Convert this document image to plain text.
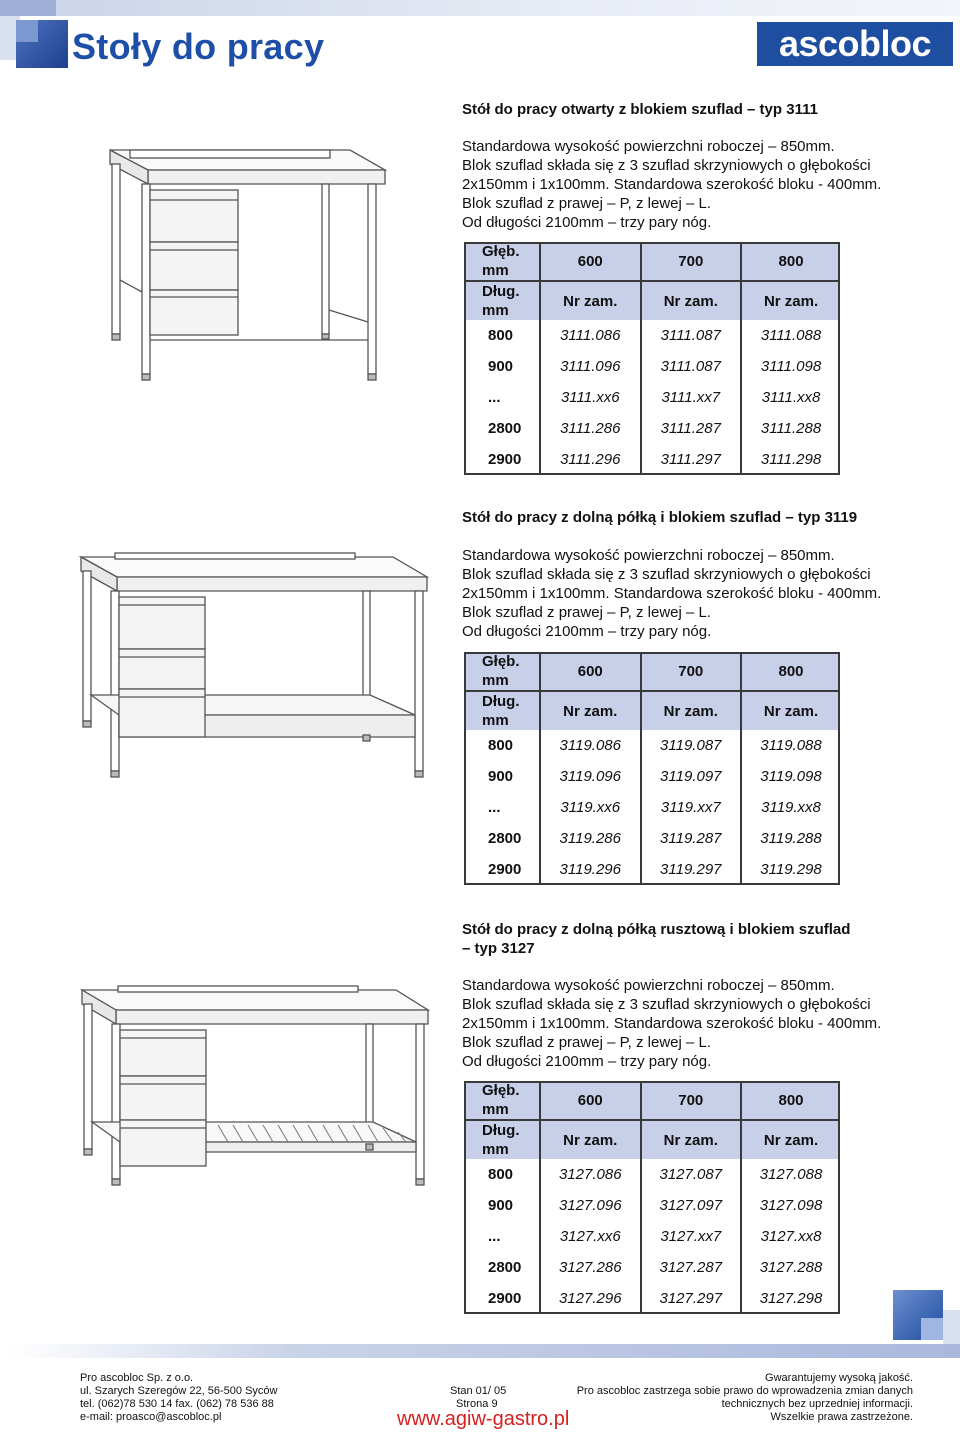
Stoły do pracy	ascobloc ®
Stół do pracy otwarty z blokiem szuflad – typ 3111

Standardowa wysokość powierzchni roboczej – 850mm.

Blok szuflad składa się z 3 szuflad skrzyniowych o głębokości

2x150mm i 1x100mm. Standardowa szerokość bloku - 400mm.

Blok szuflad z prawej – P, z lewej – L.

Od długości 2100mm – trzy pary nóg.

Głęb.
mm	600	700	800

Dług.
mm	Nr zam.	Nr zam.	Nr zam.
800	3111.086	3111.087	3111.088
900	3111.096	3111.087	3111.098
...	3111.xx6	3111.xx7	3111.xx8
2800	3111.286	3111.287	3111.288
2900	3111.296	3111.297	3111.298
Stół do pracy z dolną półką i blokiem szuflad – typ 3119

Standardowa wysokość powierzchni roboczej – 850mm.

Blok szuflad składa się z 3 szuflad skrzyniowych o głębokości

2x150mm i 1x100mm. Standardowa szerokość bloku - 400mm.

Blok szuflad z prawej – P, z lewej – L.

Od długości 2100mm – trzy pary nóg.

Głęb.
mm	600	700	800

Dług.
mm	Nr zam.	Nr zam.	Nr zam.
800	3119.086	3119.087	3119.088
900	3119.096	3119.097	3119.098
...	3119.xx6	3119.xx7	3119.xx8
2800	3119.286	3119.287	3119.288
2900	3119.296	3119.297	3119.298
Stół do pracy z dolną półką rusztową i blokiem szuflad
– typ 3127

Standardowa wysokość powierzchni roboczej – 850mm.

Blok szuflad składa się z 3 szuflad skrzyniowych o głębokości

2x150mm i 1x100mm. Standardowa szerokość bloku - 400mm.

Blok szuflad z prawej – P, z lewej – L.

Od długości 2100mm – trzy pary nóg.

Głęb.
mm	600	700	800

Dług.
mm	Nr zam.	Nr zam.	Nr zam.
800	3127.086	3127.087	3127.088
900	3127.096	3127.097	3127.098
...	3127.xx6	3127.xx7	3127.xx8
2800	3127.286	3127.287	3127.288
2900	3127.296	3127.297	3127.298

Pro ascobloc Sp. z o.o.

ul. Szarych Szeregów 22, 56-500 Syców

tel. (062)78 530 14 fax. (062) 78 536 88

e-mail: proasco@ascobloc.pl

Stan 01/ 05

Strona 9

Gwarantujemy wysoką jakość.

Pro ascobloc zastrzega sobie prawo do wprowadzenia zmian danych

technicznych bez uprzedniej informacji.

Wszelkie prawa zastrzeżone.

www.agiw-gastro.pl
